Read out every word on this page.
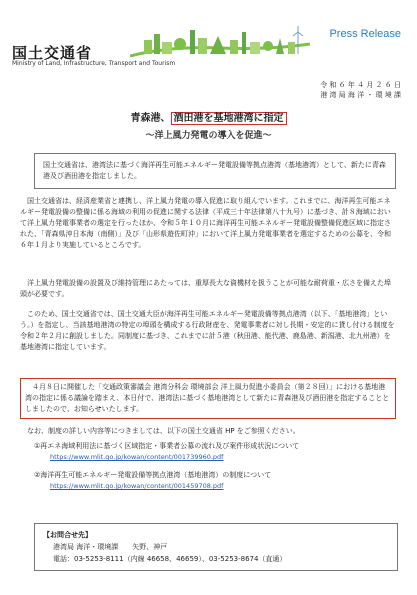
国土交通省
Ministry of Land, Infrastructure, Transport and Tourism
Press Release
令 和 ６ 年 ４ 月 ２ ６ 日
港 湾 局 海 洋 ・ 環 境 課
青森港、 酒田港を基地港湾に指定
～洋上風力発電の導入を促進～
国土交通省は、港湾法に基づく海洋再生可能エネルギー発電設備等拠点港湾（基地港湾）として、新たに青森港及び酒田港を指定しました。
国土交通省は、経済産業省と連携し、洋上風力発電の導入促進に取り組んでいます。これまでに、海洋再生可能エネルギー発電設備の整備に係る海域の利用の促進に関する法律（平成三十年法律第八十九号）に基づき、計８海域において洋上風力発電事業者の選定を行ったほか、令和５年１０月に海洋再生可能エネルギー発電設備整備促進区域に指定された、「青森県沖日本海（南側）」及び「山形県遊佐町沖」において洋上風力発電事業者を選定するための公募を、令和６年１月より実施しているところです。
洋上風力発電設備の設置及び維持管理にあたっては、重厚長大な資機材を扱うことが可能な耐荷重・広さを備えた埠頭が必要です。
このため、国土交通省では、国土交通大臣が海洋再生可能エネルギー発電設備等拠点港湾（以下、「基地港湾」という。）を指定し、当該基地港湾の特定の埠頭を構成する行政財産を、発電事業者に対し長期・安定的に貸し付ける制度を令和２年２月に創設しました。同制度に基づき、これまでに計５港（秋田港、能代港、鹿島港、新潟港、北九州港）を基地港湾に指定しています。
４月８日に開催した「交通政策審議会 港湾分科会 環境部会 洋上風力促進小委員会（第２８回）」における基地港湾の指定に係る議論を踏まえ、本日付で、港湾法に基づく基地港湾として新たに青森港及び酒田港を指定することとしましたので、お知らせいたします。
なお、制度の詳しい内容等につきましては、以下の国土交通省 HP をご参照ください。
①再エネ海域利用法に基づく区域指定・事業者公募の流れ及び案件形成状況について
https://www.mlit.go.jp/kowan/content/001739960.pdf
②海洋再生可能エネルギー発電設備等拠点港湾（基地港湾）の制度について
https://www.mlit.go.jp/kowan/content/001459708.pdf
【お問合せ先】
港湾局 海洋・環境課　　矢野、神戸
電話：03-5253-8111（内線 46658、46659）、03-5253-8674（直通）
